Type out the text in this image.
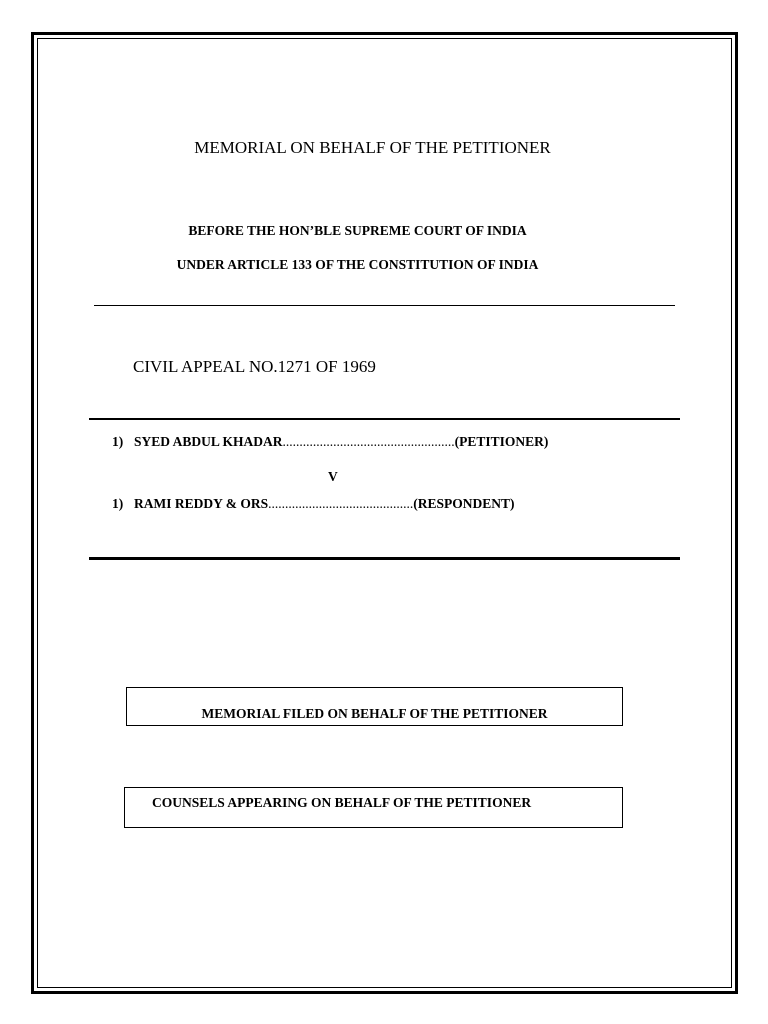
MEMORIAL ON BEHALF OF THE PETITIONER
BEFORE THE HON’BLE SUPREME COURT OF INDIA
UNDER ARTICLE 133 OF THE CONSTITUTION OF INDIA
CIVIL APPEAL NO.1271 OF 1969
1) SYED ABDUL KHADAR...................................................(PETITIONER)
V
1) RAMI REDDY & ORS...........................................(RESPONDENT)
MEMORIAL FILED ON BEHALF OF THE PETITIONER
COUNSELS APPEARING ON BEHALF OF THE PETITIONER
